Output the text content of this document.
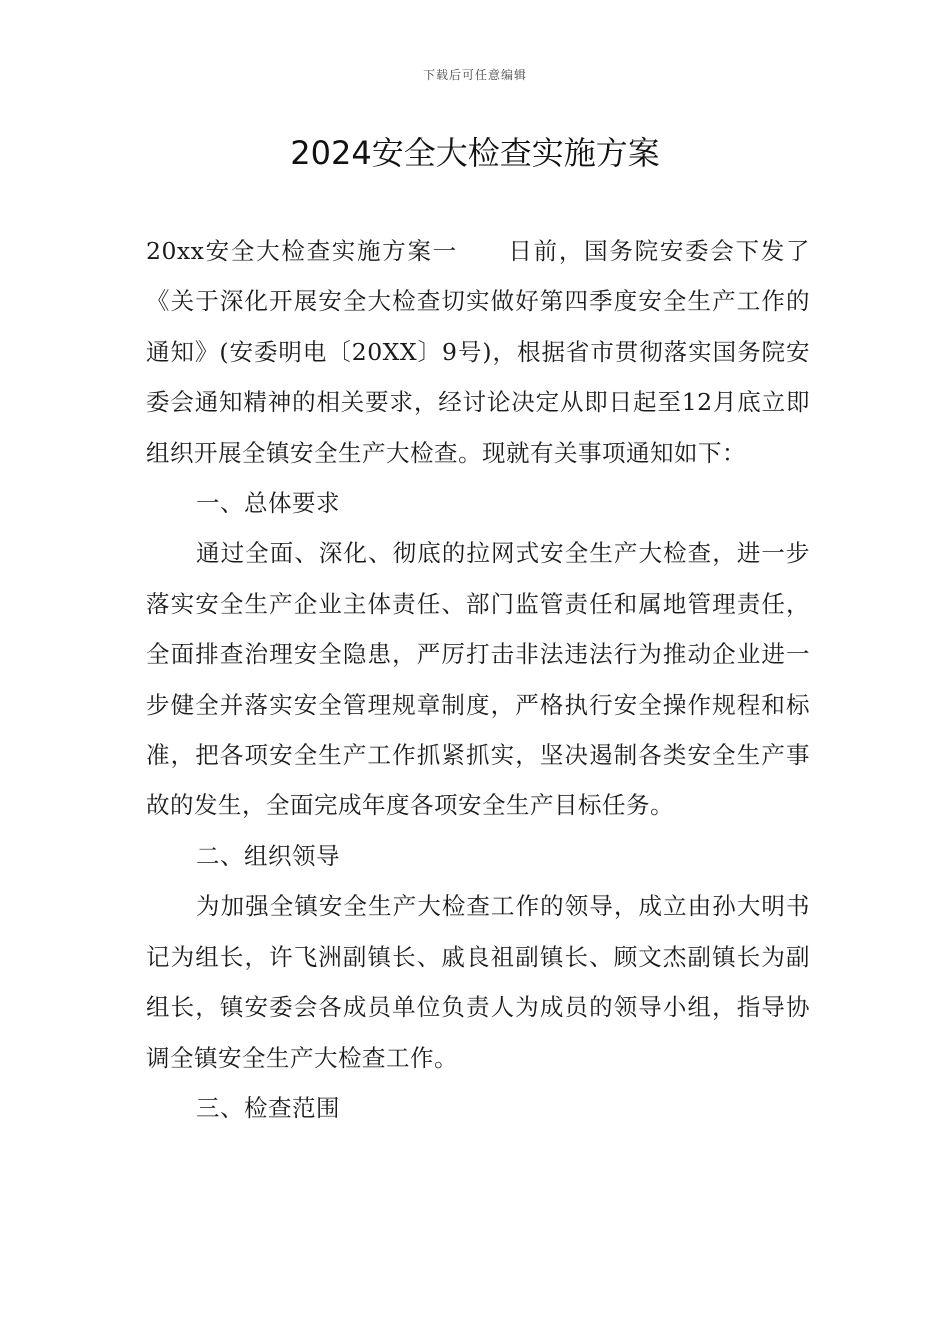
下载后可任意编辑
2024安全大检查实施方案

20xx安全大检查实施方案一　　日前，国务院安委会下发了《关于深化开展安全大检查切实做好第四季度安全生产工作的通知》(安委明电〔20XX〕9号)，根据省市贯彻落实国务院安委会通知精神的相关要求，经讨论决定从即日起至12月底立即组织开展全镇安全生产大检查。现就有关事项通知如下：

一、总体要求

通过全面、深化、彻底的拉网式安全生产大检查，进一步落实安全生产企业主体责任、部门监管责任和属地管理责任，全面排查治理安全隐患，严厉打击非法违法行为推动企业进一步健全并落实安全管理规章制度，严格执行安全操作规程和标准，把各项安全生产工作抓紧抓实，坚决遏制各类安全生产事故的发生，全面完成年度各项安全生产目标任务。

二、组织领导

为加强全镇安全生产大检查工作的领导，成立由孙大明书记为组长，许飞洲副镇长、戚良祖副镇长、顾文杰副镇长为副组长，镇安委会各成员单位负责人为成员的领导小组，指导协调全镇安全生产大检查工作。

三、检查范围
